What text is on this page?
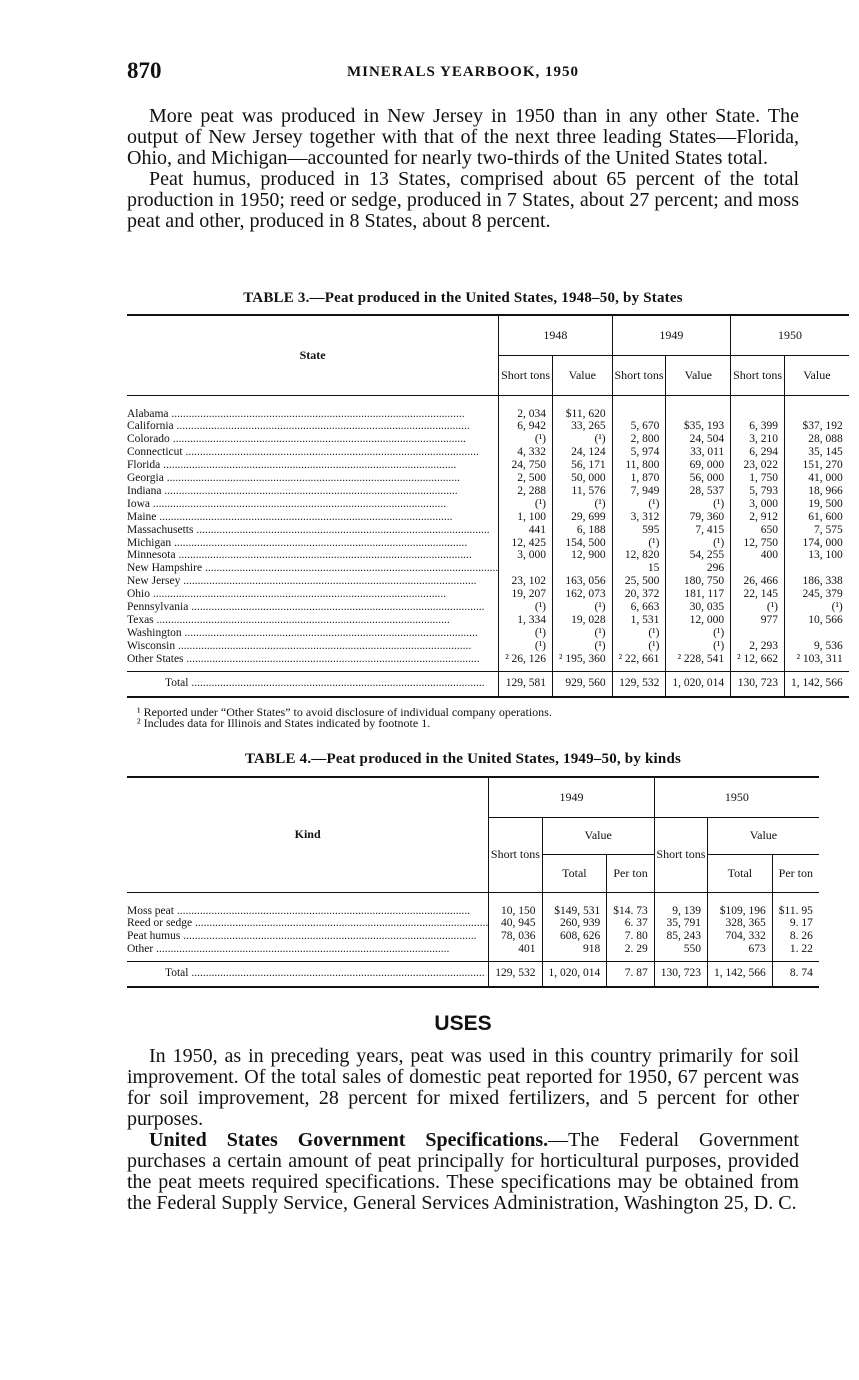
870	MINERALS YEARBOOK, 1950

More peat was produced in New Jersey in 1950 than in any other State. The output of New Jersey together with that of the next three leading States—Florida, Ohio, and Michigan—accounted for nearly two-thirds of the United States total.

Peat humus, produced in 13 States, comprised about 65 percent of the total production in 1950; reed or sedge, produced in 7 States, about 27 percent; and moss peat and other, produced in 8 States, about 8 percent.

TABLE 3.—Peat produced in the United States, 1948–50, by States
State	1948		1949		1950	
	Short tons	Value	Short tons	Value	Short tons	Value

Alabama .....	2, 034	$11, 620				

California .....	6, 942	33, 265	5, 670	$35, 193	6, 399	$37, 192

Colorado .....	(¹)	(¹)	2, 800	24, 504	3, 210	28, 088

Connecticut .....	4, 332	24, 124	5, 974	33, 011	6, 294	35, 145

Florida .....	24, 750	56, 171	11, 800	69, 000	23, 022	151, 270

Georgia .....	2, 500	50, 000	1, 870	56, 000	1, 750	41, 000

Indiana .....	2, 288	11, 576	7, 949	28, 537	5, 793	18, 966

Iowa .....	(¹)	(¹)	(¹)	(¹)	3, 000	19, 500

Maine .....	1, 100	29, 699	3, 312	79, 360	2, 912	61, 600

Massachusetts .....	441	6, 188	595	7, 415	650	7, 575

Michigan .....	12, 425	154, 500	(¹)	(¹)	12, 750	174, 000

Minnesota .....	3, 000	12, 900	12, 820	54, 255	400	13, 100

New Hampshire .....			15	296		

New Jersey .....	23, 102	163, 056	25, 500	180, 750	26, 466	186, 338

Ohio .....	19, 207	162, 073	20, 372	181, 117	22, 145	245, 379

Pennsylvania .....	(¹)	(¹)	6, 663	30, 035	(¹)	(¹)

Texas .....	1, 334	19, 028	1, 531	12, 000	977	10, 566

Washington .....	(¹)	(¹)	(¹)	(¹)		

Wisconsin .....	(¹)	(¹)	(¹)	(¹)	2, 293	9, 536

Other States .....	² 26, 126	² 195, 360	² 22, 661	² 228, 541	² 12, 662	² 103, 311

Total .....	129, 581	929, 560	129, 532	1, 020, 014	130, 723	1, 142, 566

¹ Reported under “Other States” to avoid disclosure of individual company operations.

² Includes data for Illinois and States indicated by footnote 1.

TABLE 4.—Peat produced in the United States, 1949–50, by kinds
Kind	1949			1950		
	Short tons	Value		Short tons	Value	
		Total	Per ton		Total	Per ton

Moss peat .....	10, 150	$149, 531	$14. 73	9, 139	$109, 196	$11. 95

Reed or sedge .....	40, 945	260, 939	6. 37	35, 791	328, 365	9. 17

Peat humus .....	78, 036	608, 626	7. 80	85, 243	704, 332	8. 26

Other .....	401	918	2. 29	550	673	1. 22

Total .....	129, 532	1, 020, 014	7. 87	130, 723	1, 142, 566	8. 74
USES

In 1950, as in preceding years, peat was used in this country primarily for soil improvement. Of the total sales of domestic peat reported for 1950, 67 percent was for soil improvement, 28 percent for mixed fertilizers, and 5 percent for other purposes.

United States Government Specifications.—The Federal Government purchases a certain amount of peat principally for horticultural purposes, provided the peat meets required specifications. These specifications may be obtained from the Federal Supply Service, General Services Administration, Washington 25, D. C.
